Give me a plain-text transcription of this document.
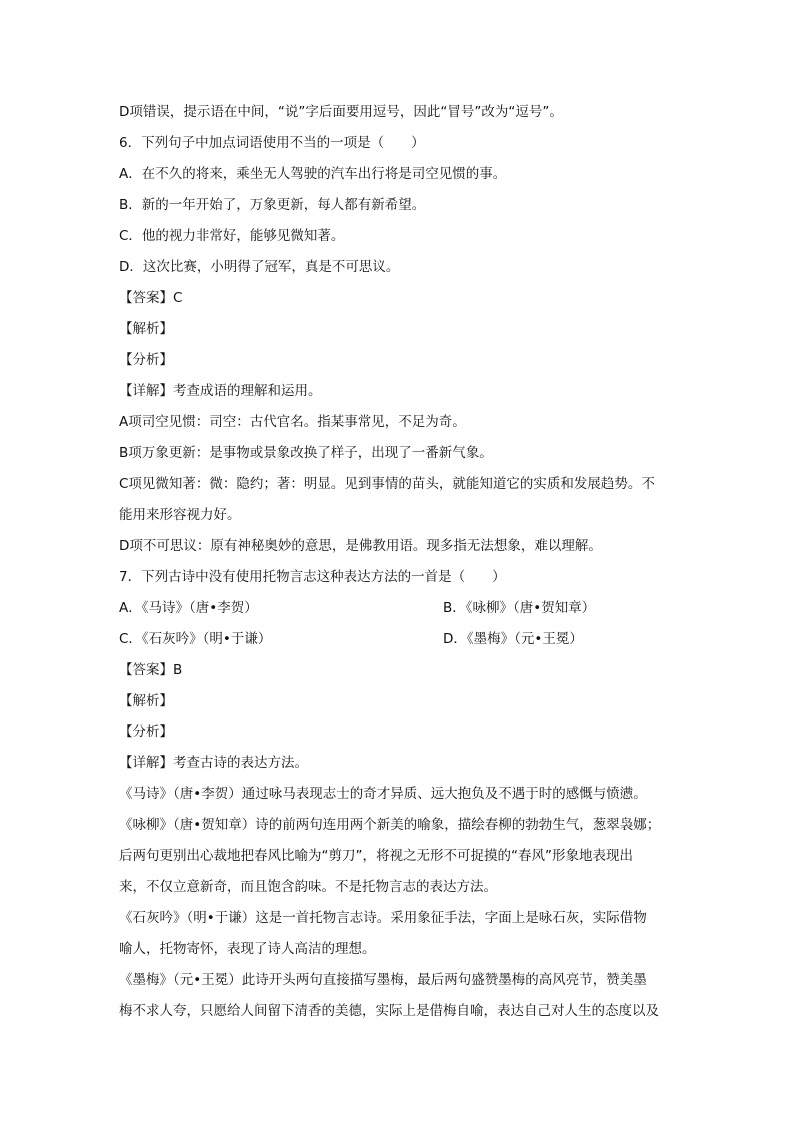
D项错误，提示语在中间，“说”字后面要用逗号，因此“冒号”改为“逗号”。
6．下列句子中加点词语使用不当的一项是（　　）
A．在不久的将来，乘坐无人驾驶的汽车出行将是司空见惯的事。
B．新的一年开始了，万象更新，每人都有新希望。
C．他的视力非常好，能够见微知著。
D．这次比赛，小明得了冠军，真是不可思议。
【答案】C
【解析】
【分析】
【详解】考查成语的理解和运用。
A项司空见惯：司空：古代官名。指某事常见，不足为奇。
B项万象更新：是事物或景象改换了样子，出现了一番新气象。
C项见微知著：微：隐约；著：明显。见到事情的苗头，就能知道它的实质和发展趋势。不
能用来形容视力好。
D项不可思议：原有神秘奥妙的意思，是佛教用语。现多指无法想象，难以理解。
7．下列古诗中没有使用托物言志这种表达方法的一首是（　　）
A．《马诗》（唐•李贺）	B．《咏柳》（唐•贺知章）
C．《石灰吟》（明•于谦）	D．《墨梅》（元•王冕）
【答案】B
【解析】
【分析】
【详解】考查古诗的表达方法。
《马诗》（唐•李贺）通过咏马表现志士的奇才异质、远大抱负及不遇于时的感慨与愤懑。
《咏柳》（唐•贺知章）诗的前两句连用两个新美的喻象，描绘春柳的勃勃生气，葱翠袅娜；
后两句更别出心裁地把春风比喻为“剪刀”，将视之无形不可捉摸的“春风”形象地表现出
来，不仅立意新奇，而且饱含韵味。不是托物言志的表达方法。
《石灰吟》（明•于谦）这是一首托物言志诗。采用象征手法，字面上是咏石灰，实际借物
喻人，托物寄怀，表现了诗人高洁的理想。
《墨梅》（元•王冕）此诗开头两句直接描写墨梅，最后两句盛赞墨梅的高风亮节，赞美墨
梅不求人夸，只愿给人间留下清香的美德，实际上是借梅自喻，表达自己对人生的态度以及
